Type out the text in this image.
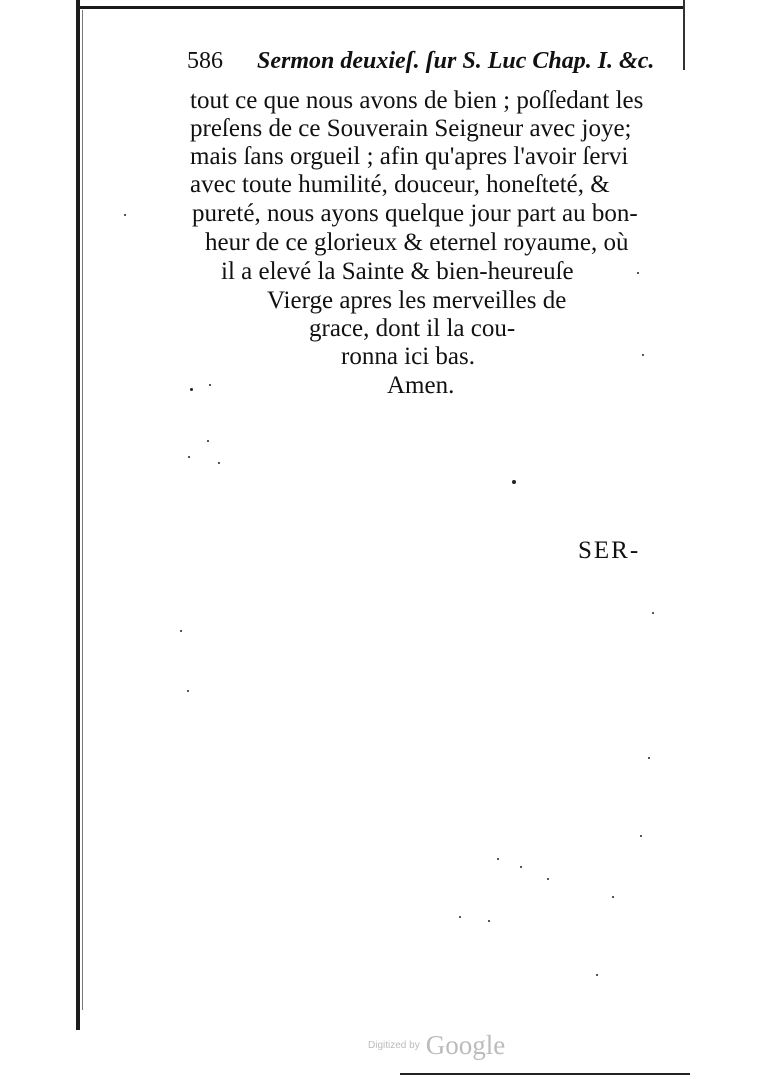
586 Sermon deuxieſ. ſur S. Luc Chap. I. &c.
tout ce que nous avons de bien ; poſſedant les
preſens de ce Souverain Seigneur avec joye;
mais ſans orgueil ; afin qu'apres l'avoir ſervi
avec toute humilité, douceur, honeſteté, &
pureté, nous ayons quelque jour part au bon-
heur de ce glorieux & eternel royaume, où
il a elevé la Sainte & bien-heureuſe
Vierge apres les merveilles de
grace, dont il la cou-
ronna ici bas.
Amen.
SER-
Digitized by Google
